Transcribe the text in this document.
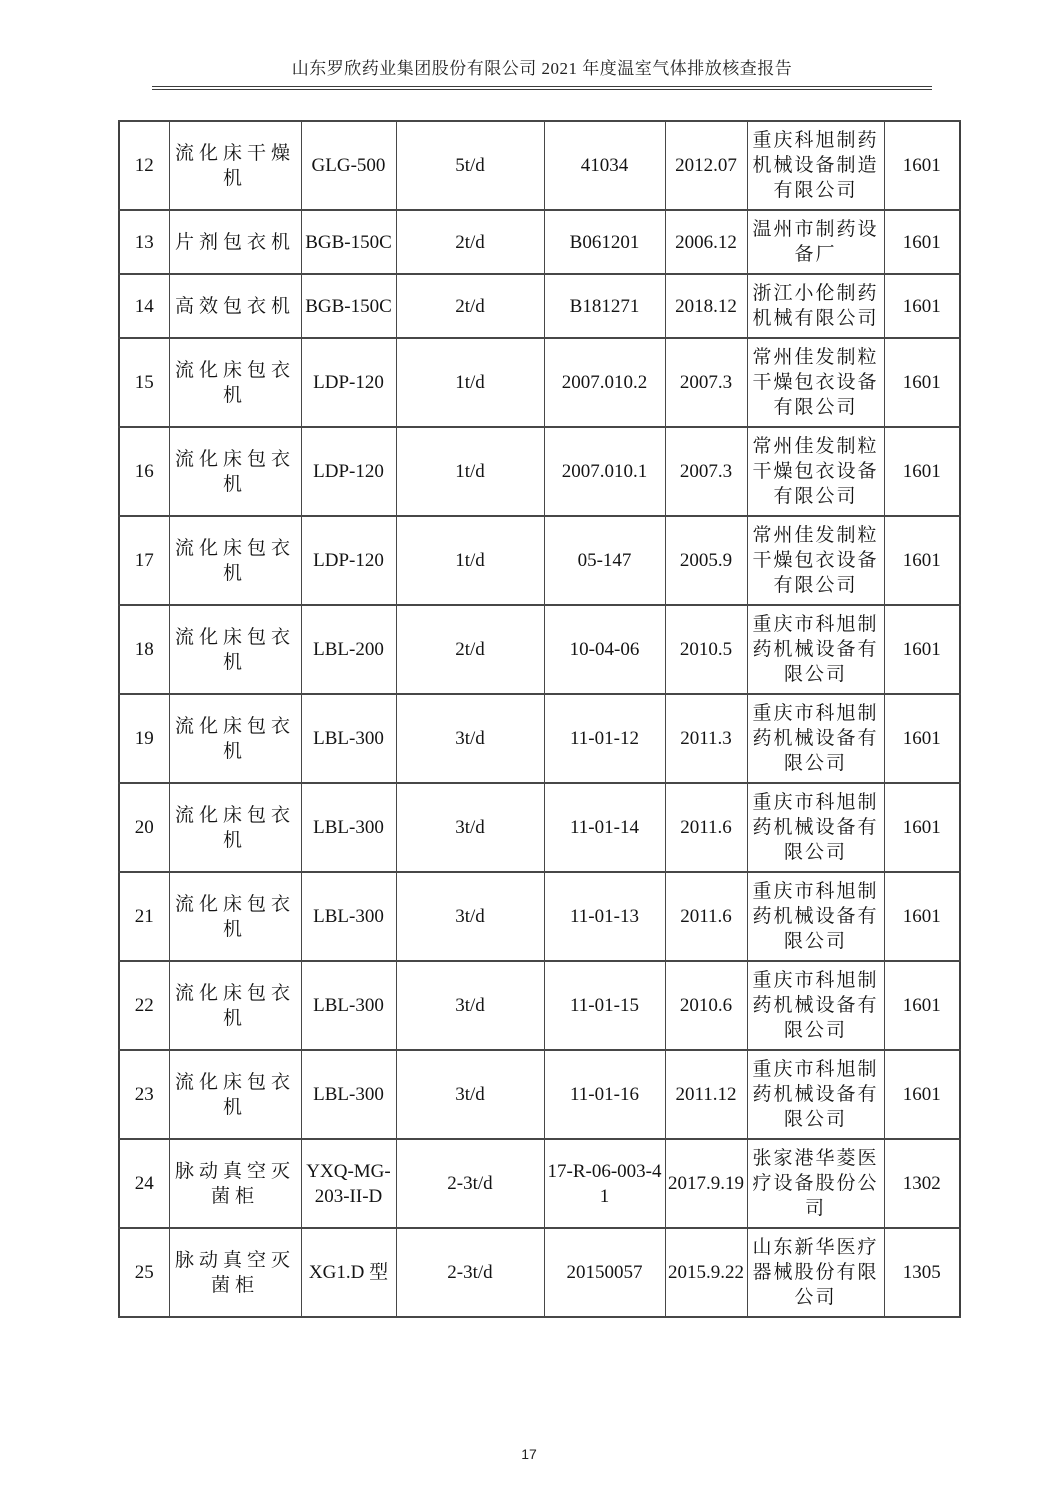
山东罗欣药业集团股份有限公司 2021 年度温室气体排放核查报告
12	流化床干燥机	GLG-500	5t/d	41034	2012.07	重庆科旭制药机械设备制造有限公司	1601
13	片剂包衣机	BGB-150C	2t/d	B061201	2006.12	温州市制药设备厂	1601
14	高效包衣机	BGB-150C	2t/d	B181271	2018.12	浙江小伦制药机械有限公司	1601
15	流化床包衣机	LDP-120	1t/d	2007.010.2	2007.3	常州佳发制粒干燥包衣设备有限公司	1601
16	流化床包衣机	LDP-120	1t/d	2007.010.1	2007.3	常州佳发制粒干燥包衣设备有限公司	1601
17	流化床包衣机	LDP-120	1t/d	05-147	2005.9	常州佳发制粒干燥包衣设备有限公司	1601
18	流化床包衣机	LBL-200	2t/d	10-04-06	2010.5	重庆市科旭制药机械设备有限公司	1601
19	流化床包衣机	LBL-300	3t/d	11-01-12	2011.3	重庆市科旭制药机械设备有限公司	1601
20	流化床包衣机	LBL-300	3t/d	11-01-14	2011.6	重庆市科旭制药机械设备有限公司	1601
21	流化床包衣机	LBL-300	3t/d	11-01-13	2011.6	重庆市科旭制药机械设备有限公司	1601
22	流化床包衣机	LBL-300	3t/d	11-01-15	2010.6	重庆市科旭制药机械设备有限公司	1601
23	流化床包衣机	LBL-300	3t/d	11-01-16	2011.12	重庆市科旭制药机械设备有限公司	1601
24	脉动真空灭菌柜	YXQ-MG-203-II-D	2-3t/d	17-R-06-003-41	2017.9.19	张家港华菱医疗设备股份公司	1302
25	脉动真空灭菌柜	XG1.D 型	2-3t/d	20150057	2015.9.22	山东新华医疗器械股份有限公司	1305
17
